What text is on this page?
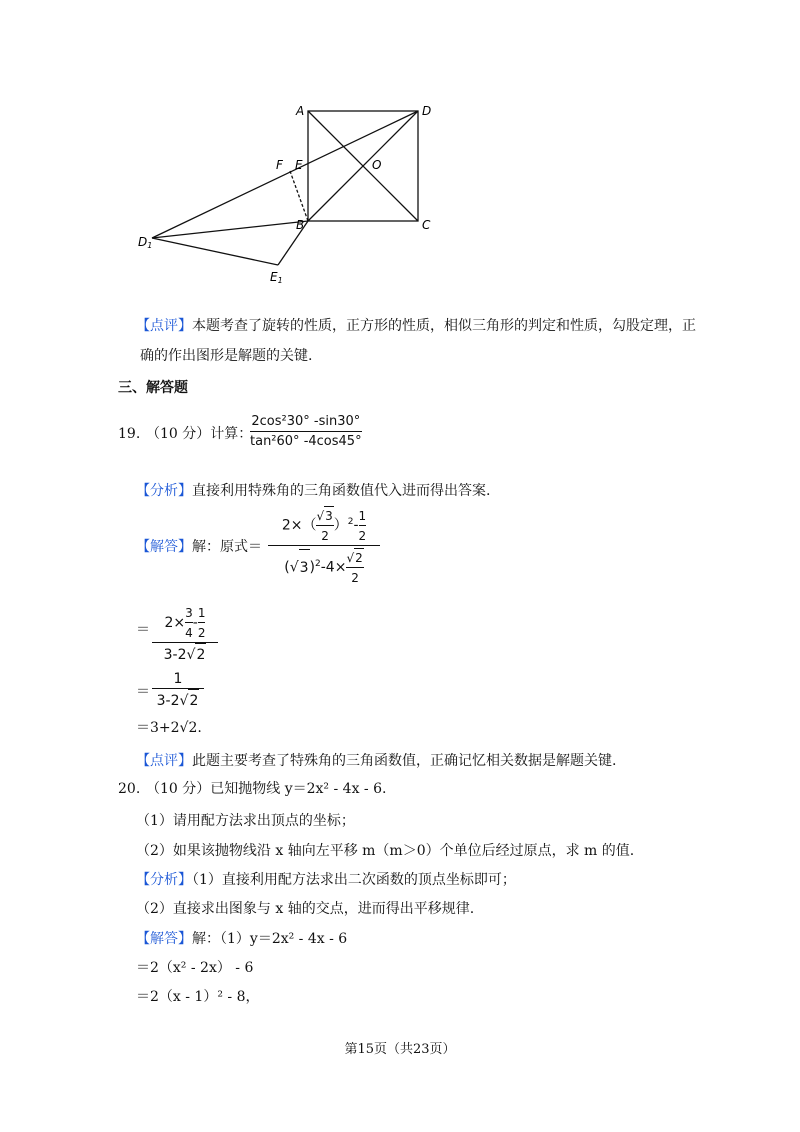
A	D
F E	O
B	C
D1
E1
【点评】本题考查了旋转的性质，正方形的性质，相似三角形的判定和性质，勾股定理，正
确的作出图形是解题的关键.
三、解答题
19. （10 分）计算：
$\frac{\text{2cos²30° -sin30°}}{\text{tan²60° -4cos45°}}$
【分析】直接利用特殊角的三角函数值代入进而得出答案.
【解答】解：原式＝
$2\times( \frac{√3}{2} )^2- \frac{1}{2}$
$(√3)^2-4\times \frac{√2}{2}$
＝	$2\times \frac{3}{4} - \frac{1}{2}$
3-2√2
＝
1
3-2√2
＝3+2√2.
【点评】此题主要考查了特殊角的三角函数值，正确记忆相关数据是解题关键.
20. （10 分）已知抛物线 y＝2x² - 4x - 6.
（1）请用配方法求出顶点的坐标；
（2）如果该抛物线沿 x 轴向左平移 m（m＞0）个单位后经过原点，求 m 的值.
【分析】（1）直接利用配方法求出二次函数的顶点坐标即可；
（2）直接求出图象与 x 轴的交点，进而得出平移规律.
【解答】解：（1）y＝2x² - 4x - 6
＝2（x² - 2x） - 6
＝2（x - 1）² - 8，
第15页（共23页）
